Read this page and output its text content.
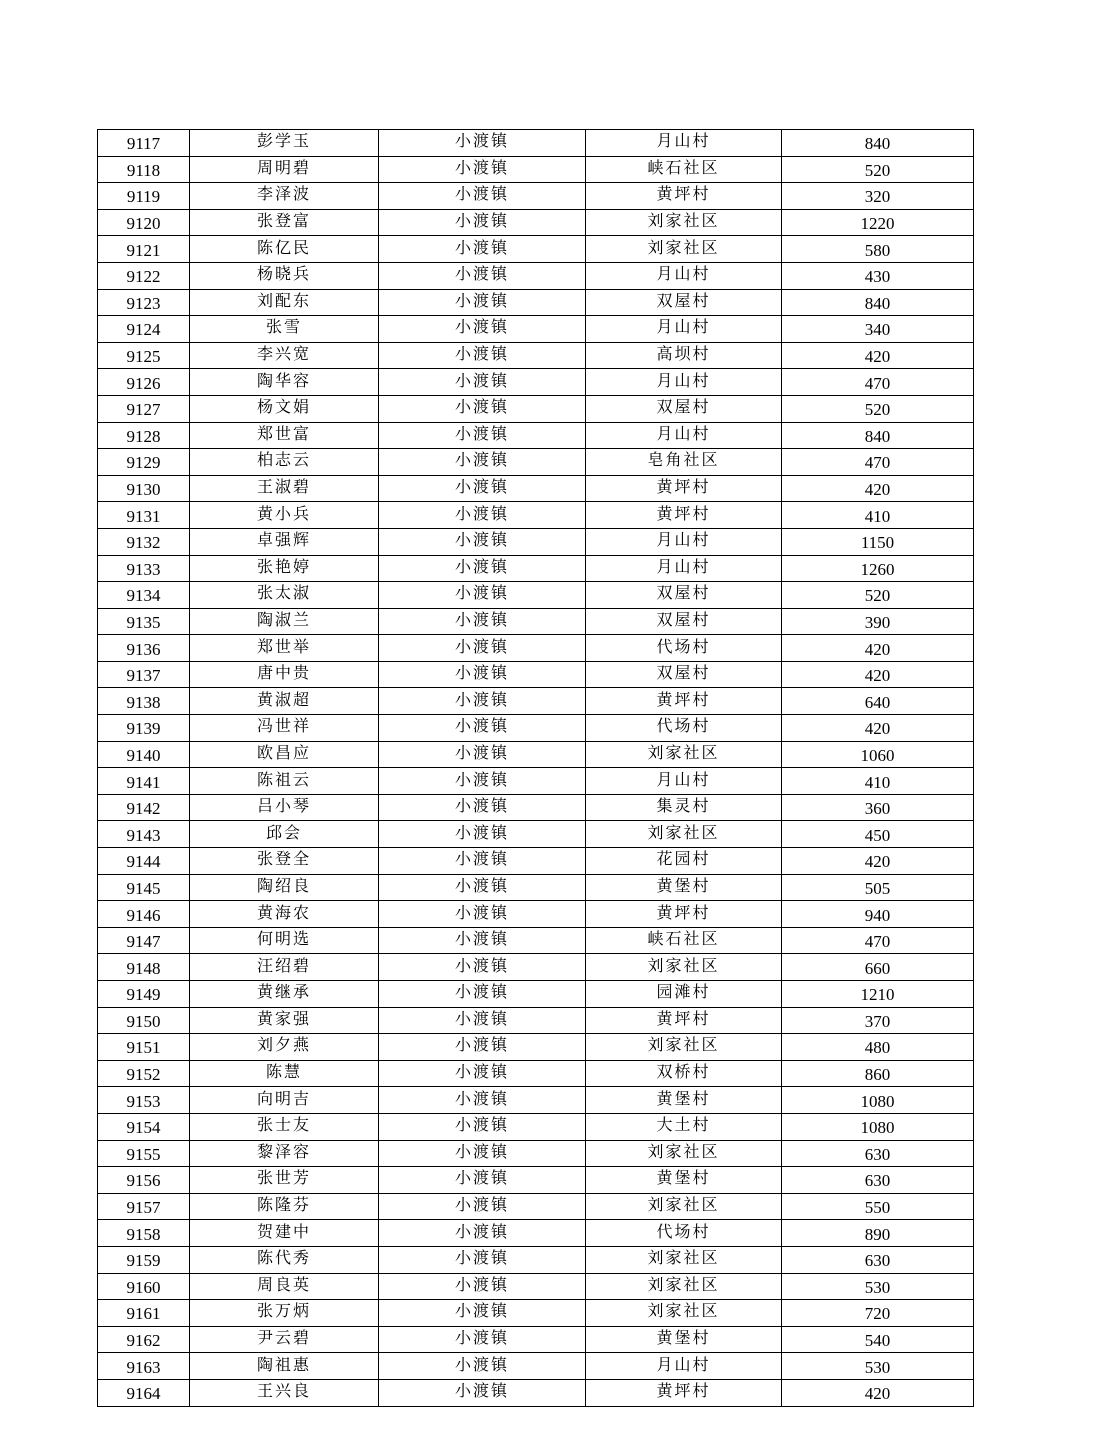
9117	彭学玉	小渡镇	月山村	840
9118	周明碧	小渡镇	峡石社区	520
9119	李泽波	小渡镇	黄坪村	320
9120	张登富	小渡镇	刘家社区	1220
9121	陈亿民	小渡镇	刘家社区	580
9122	杨晓兵	小渡镇	月山村	430
9123	刘配东	小渡镇	双屋村	840
9124	张雪	小渡镇	月山村	340
9125	李兴宽	小渡镇	高坝村	420
9126	陶华容	小渡镇	月山村	470
9127	杨文娟	小渡镇	双屋村	520
9128	郑世富	小渡镇	月山村	840
9129	柏志云	小渡镇	皂角社区	470
9130	王淑碧	小渡镇	黄坪村	420
9131	黄小兵	小渡镇	黄坪村	410
9132	卓强辉	小渡镇	月山村	1150
9133	张艳婷	小渡镇	月山村	1260
9134	张太淑	小渡镇	双屋村	520
9135	陶淑兰	小渡镇	双屋村	390
9136	郑世举	小渡镇	代场村	420
9137	唐中贵	小渡镇	双屋村	420
9138	黄淑超	小渡镇	黄坪村	640
9139	冯世祥	小渡镇	代场村	420
9140	欧昌应	小渡镇	刘家社区	1060
9141	陈祖云	小渡镇	月山村	410
9142	吕小琴	小渡镇	集灵村	360
9143	邱会	小渡镇	刘家社区	450
9144	张登全	小渡镇	花园村	420
9145	陶绍良	小渡镇	黄堡村	505
9146	黄海农	小渡镇	黄坪村	940
9147	何明选	小渡镇	峡石社区	470
9148	汪绍碧	小渡镇	刘家社区	660
9149	黄继承	小渡镇	园滩村	1210
9150	黄家强	小渡镇	黄坪村	370
9151	刘夕燕	小渡镇	刘家社区	480
9152	陈慧	小渡镇	双桥村	860
9153	向明吉	小渡镇	黄堡村	1080
9154	张士友	小渡镇	大土村	1080
9155	黎泽容	小渡镇	刘家社区	630
9156	张世芳	小渡镇	黄堡村	630
9157	陈隆芬	小渡镇	刘家社区	550
9158	贺建中	小渡镇	代场村	890
9159	陈代秀	小渡镇	刘家社区	630
9160	周良英	小渡镇	刘家社区	530
9161	张万炳	小渡镇	刘家社区	720
9162	尹云碧	小渡镇	黄堡村	540
9163	陶祖惠	小渡镇	月山村	530
9164	王兴良	小渡镇	黄坪村	420
